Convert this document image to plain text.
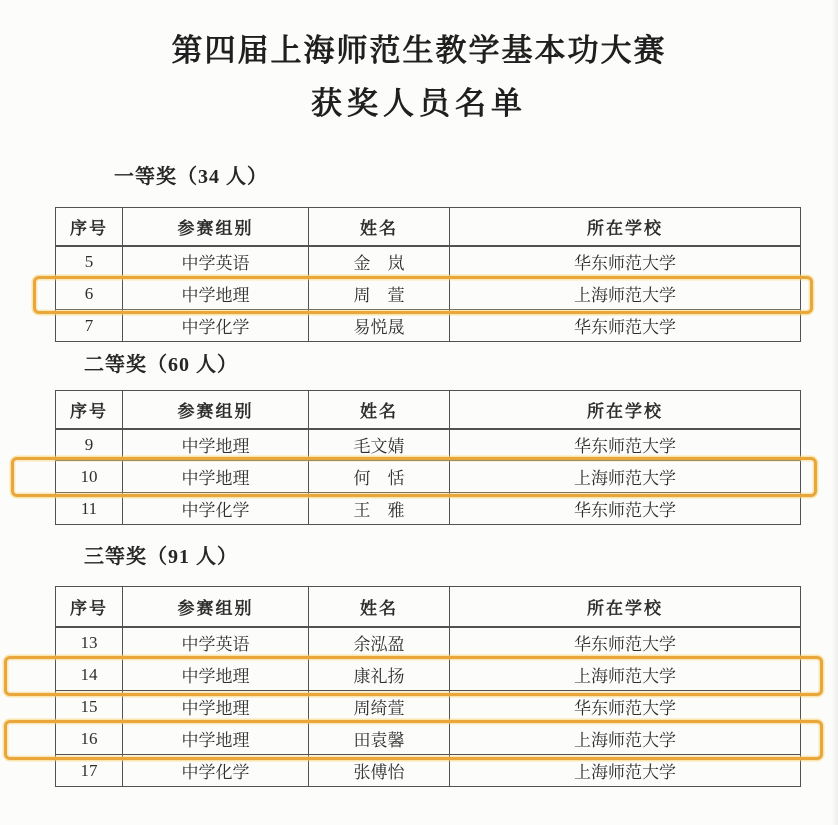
第四届上海师范生教学基本功大赛
获奖人员名单
一等奖（34 人）
序号	参赛组别	姓名	所在学校
5	中学英语	金　岚	华东师范大学
6	中学地理	周　萱	上海师范大学
7	中学化学	易悦晟	华东师范大学
二等奖（60 人）
序号	参赛组别	姓名	所在学校
9	中学地理	毛文婧	华东师范大学
10	中学地理	何　恬	上海师范大学
11	中学化学	王　雅	华东师范大学
三等奖（91 人）
序号	参赛组别	姓名	所在学校
13	中学英语	余泓盈	华东师范大学
14	中学地理	康礼扬	上海师范大学
15	中学地理	周绮萱	华东师范大学
16	中学地理	田袁馨	上海师范大学
17	中学化学	张傅怡	上海师范大学
